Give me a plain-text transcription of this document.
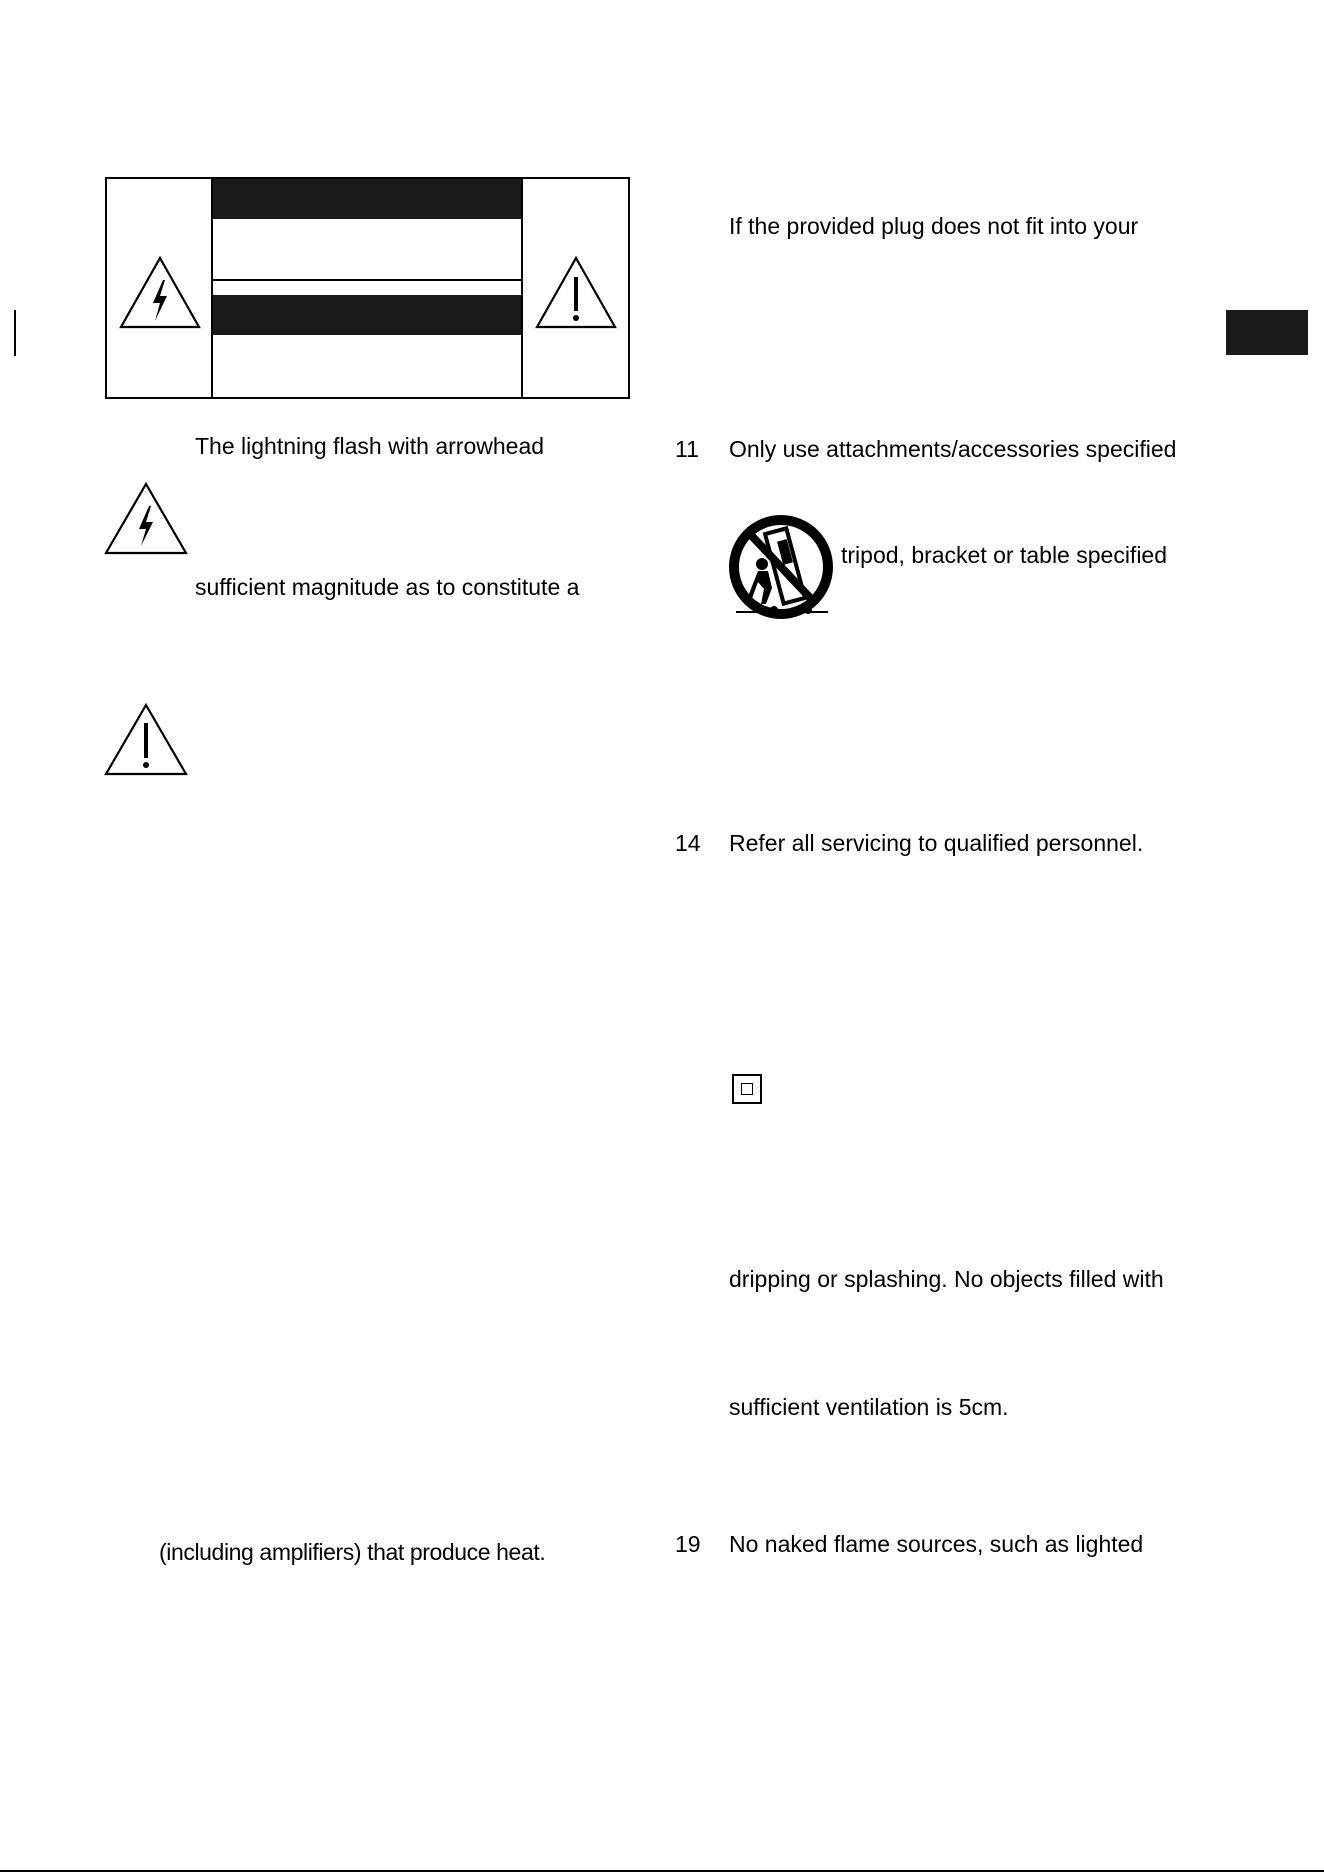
The lightning flash with arrowhead
sufficient magnitude as to constitute a
(including amplifiers) that produce heat.
If the provided plug does not fit into your
11 Only use attachments/accessories specified
tripod, bracket or table specified
14 Refer all servicing to qualified personnel.
dripping or splashing. No objects filled with
sufficient ventilation is 5cm.
19 No naked flame sources, such as lighted
